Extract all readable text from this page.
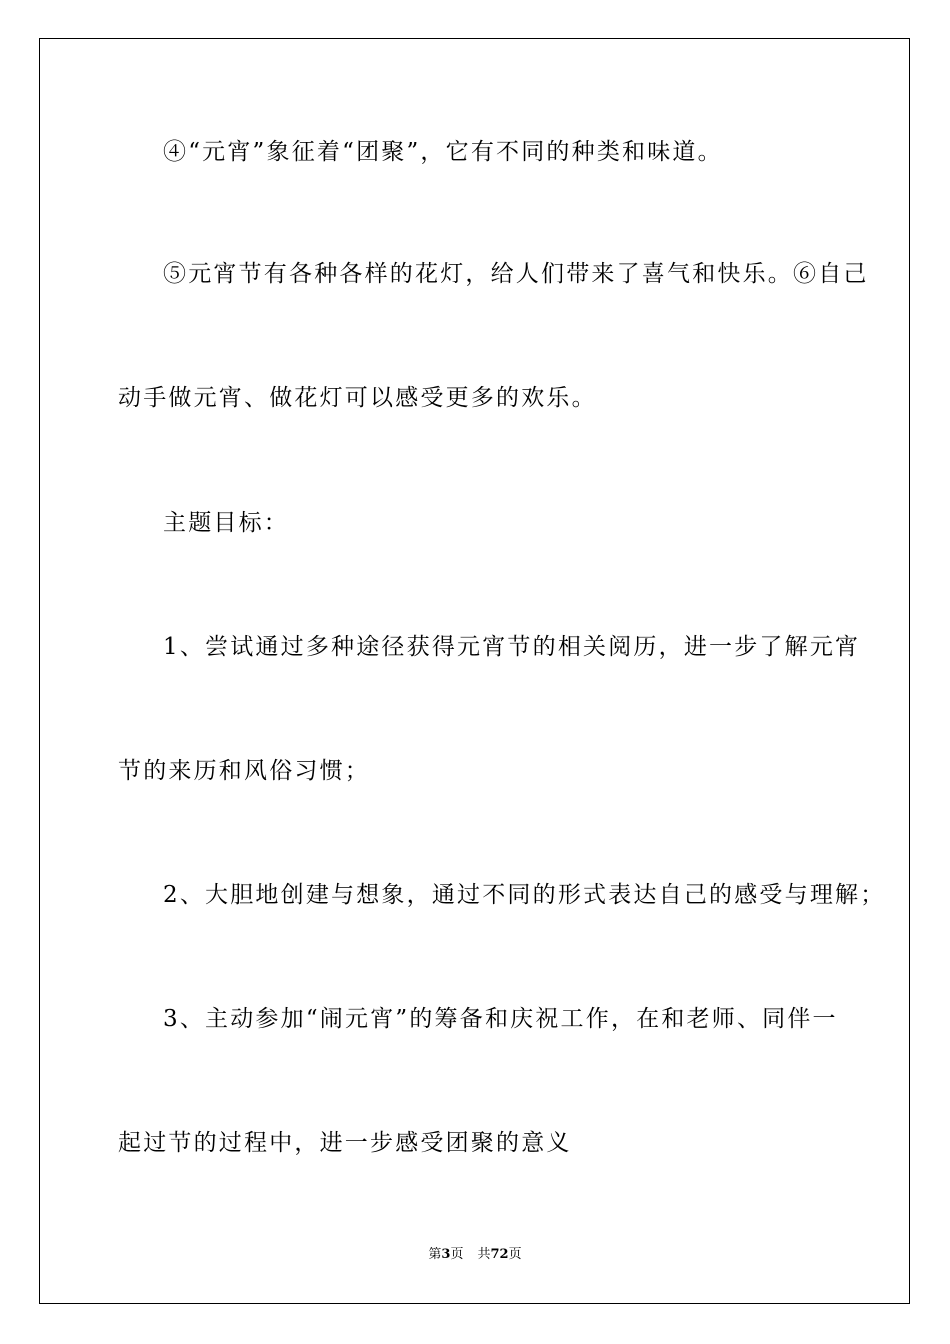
④“元宵”象征着“团聚”，它有不同的种类和味道。
⑤元宵节有各种各样的花灯，给人们带来了喜气和快乐。⑥自己
动手做元宵、做花灯可以感受更多的欢乐。
主题目标：
1、尝试通过多种途径获得元宵节的相关阅历，进一步了解元宵
节的来历和风俗习惯；
2、大胆地创建与想象，通过不同的形式表达自己的感受与理解；
3、主动参加“闹元宵”的筹备和庆祝工作，在和老师、同伴一
起过节的过程中，进一步感受团聚的意义
第3页 共72页
